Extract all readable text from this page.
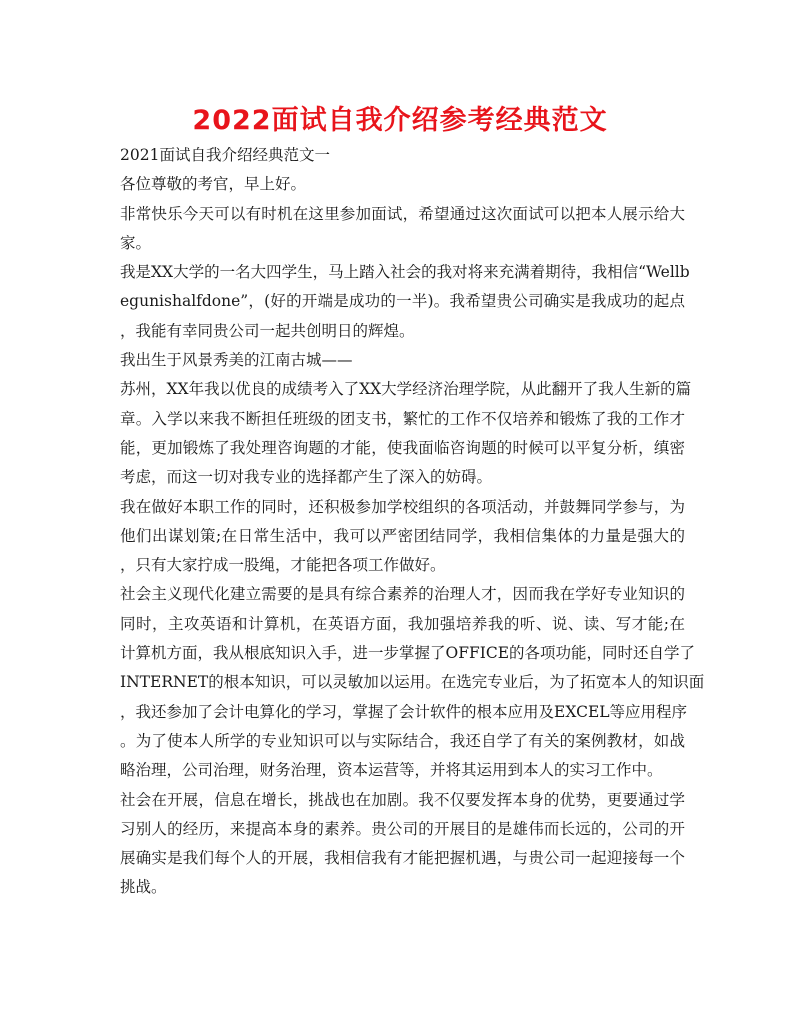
2022面试自我介绍参考经典范文
2021面试自我介绍经典范文一
各位尊敬的考官，早上好。
非常快乐今天可以有时机在这里参加面试，希望通过这次面试可以把本人展示给大
家。
我是XX大学的一名大四学生，马上踏入社会的我对将来充满着期待，我相信“Wellb
egunishalfdone”，(好的开端是成功的一半)。我希望贵公司确实是我成功的起点
，我能有幸同贵公司一起共创明日的辉煌。
我出生于风景秀美的江南古城——
苏州，XX年我以优良的成绩考入了XX大学经济治理学院，从此翻开了我人生新的篇
章。入学以来我不断担任班级的团支书，繁忙的工作不仅培养和锻炼了我的工作才
能，更加锻炼了我处理咨询题的才能，使我面临咨询题的时候可以平复分析，缜密
考虑，而这一切对我专业的选择都产生了深入的妨碍。
我在做好本职工作的同时，还积极参加学校组织的各项活动，并鼓舞同学参与，为
他们出谋划策;在日常生活中，我可以严密团结同学，我相信集体的力量是强大的
，只有大家拧成一股绳，才能把各项工作做好。
社会主义现代化建立需要的是具有综合素养的治理人才，因而我在学好专业知识的
同时，主攻英语和计算机，在英语方面，我加强培养我的听、说、读、写才能;在
计算机方面，我从根底知识入手，进一步掌握了OFFICE的各项功能，同时还自学了
INTERNET的根本知识，可以灵敏加以运用。在选完专业后，为了拓宽本人的知识面
，我还参加了会计电算化的学习，掌握了会计软件的根本应用及EXCEL等应用程序
。为了使本人所学的专业知识可以与实际结合，我还自学了有关的案例教材，如战
略治理，公司治理，财务治理，资本运营等，并将其运用到本人的实习工作中。
社会在开展，信息在增长，挑战也在加剧。我不仅要发挥本身的优势，更要通过学
习别人的经历，来提高本身的素养。贵公司的开展目的是雄伟而长远的，公司的开
展确实是我们每个人的开展，我相信我有才能把握机遇，与贵公司一起迎接每一个
挑战。
